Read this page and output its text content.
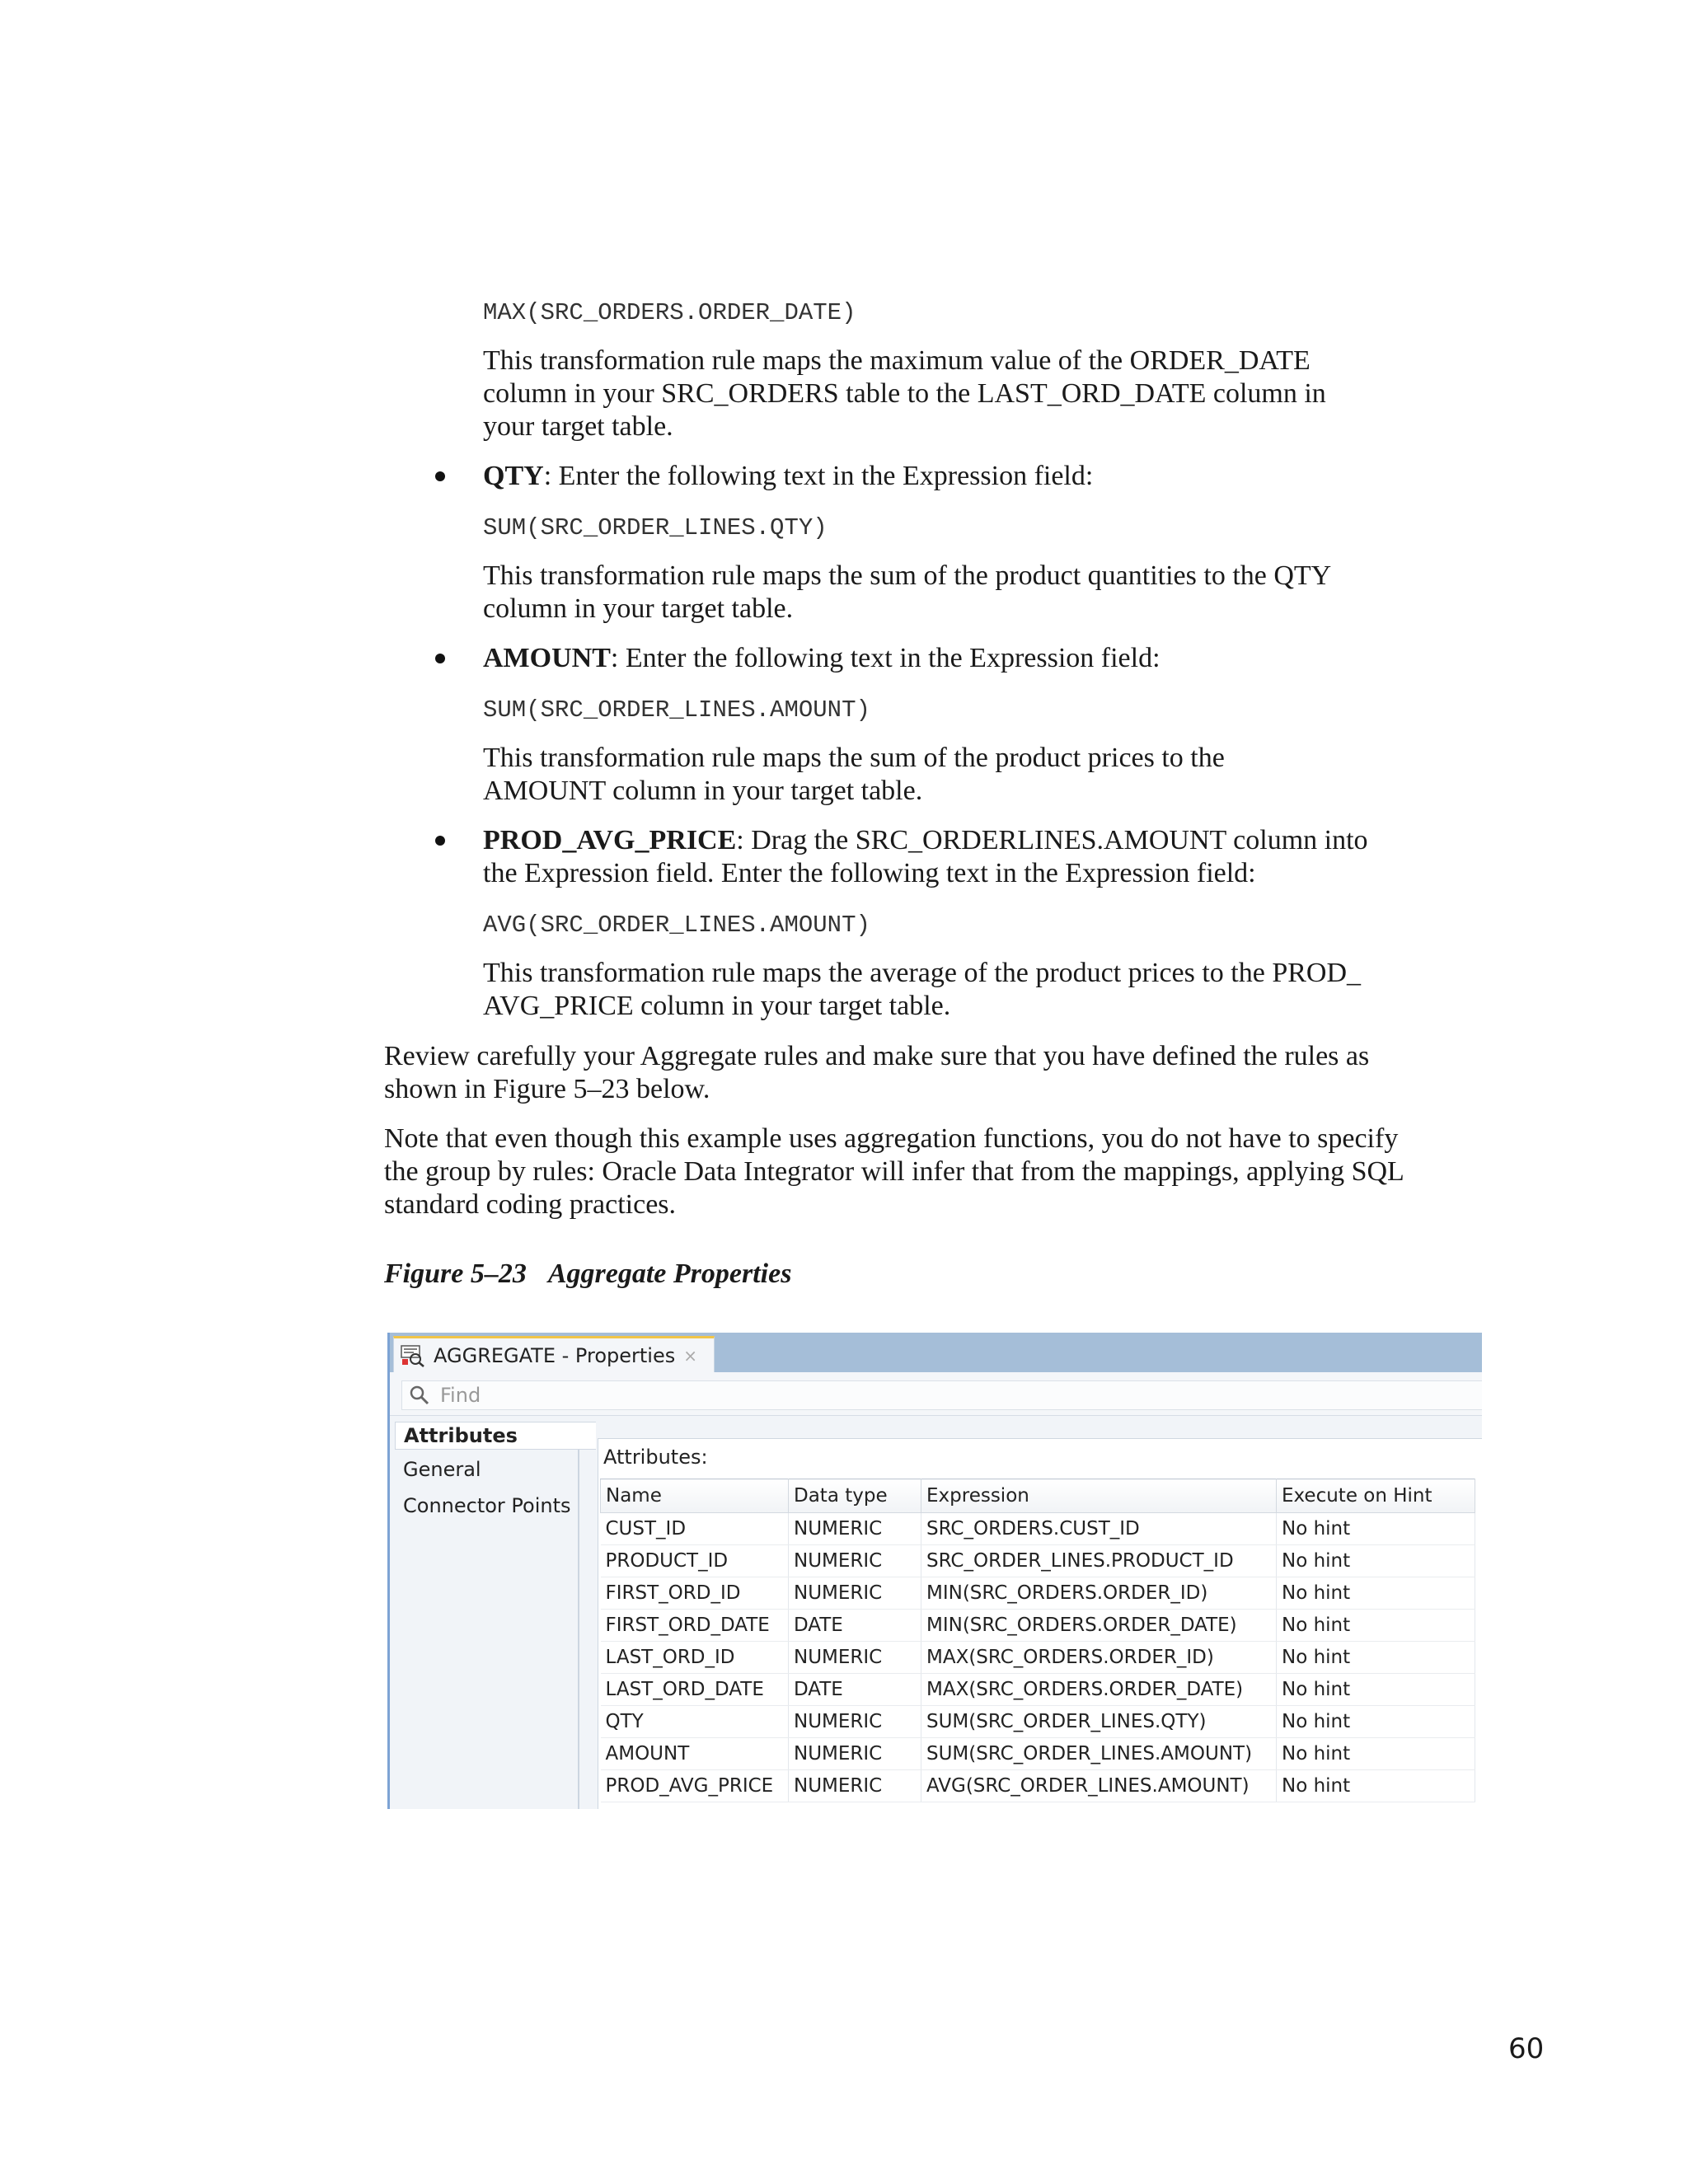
MAX(SRC_ORDERS.ORDER_DATE)
This transformation rule maps the maximum value of the ORDER_DATE
column in your SRC_ORDERS table to the LAST_ORD_DATE column in
your target table.
QTY: Enter the following text in the Expression field:
SUM(SRC_ORDER_LINES.QTY)
This transformation rule maps the sum of the product quantities to the QTY
column in your target table.
AMOUNT: Enter the following text in the Expression field:
SUM(SRC_ORDER_LINES.AMOUNT)
This transformation rule maps the sum of the product prices to the
AMOUNT column in your target table.
PROD_AVG_PRICE: Drag the SRC_ORDERLINES.AMOUNT column into
the Expression field. Enter the following text in the Expression field:
AVG(SRC_ORDER_LINES.AMOUNT)
This transformation rule maps the average of the product prices to the PROD_
AVG_PRICE column in your target table.
Review carefully your Aggregate rules and make sure that you have defined the rules as
shown in Figure 5–23 below.
Note that even though this example uses aggregation functions, you do not have to specify
the group by rules: Oracle Data Integrator will infer that from the mappings, applying SQL
standard coding practices.
Figure 5–23 Aggregate Properties
AGGREGATE - Properties ×
Find
Attributes
General
Connector Points
Attributes:
Name	Data type	Expression	Execute on Hint
CUST_ID	NUMERIC	SRC_ORDERS.CUST_ID	No hint
PRODUCT_ID	NUMERIC	SRC_ORDER_LINES.PRODUCT_ID	No hint
FIRST_ORD_ID	NUMERIC	MIN(SRC_ORDERS.ORDER_ID)	No hint
FIRST_ORD_DATE	DATE	MIN(SRC_ORDERS.ORDER_DATE)	No hint
LAST_ORD_ID	NUMERIC	MAX(SRC_ORDERS.ORDER_ID)	No hint
LAST_ORD_DATE	DATE	MAX(SRC_ORDERS.ORDER_DATE)	No hint
QTY	NUMERIC	SUM(SRC_ORDER_LINES.QTY)	No hint
AMOUNT	NUMERIC	SUM(SRC_ORDER_LINES.AMOUNT)	No hint
PROD_AVG_PRICE	NUMERIC	AVG(SRC_ORDER_LINES.AMOUNT)	No hint
60
